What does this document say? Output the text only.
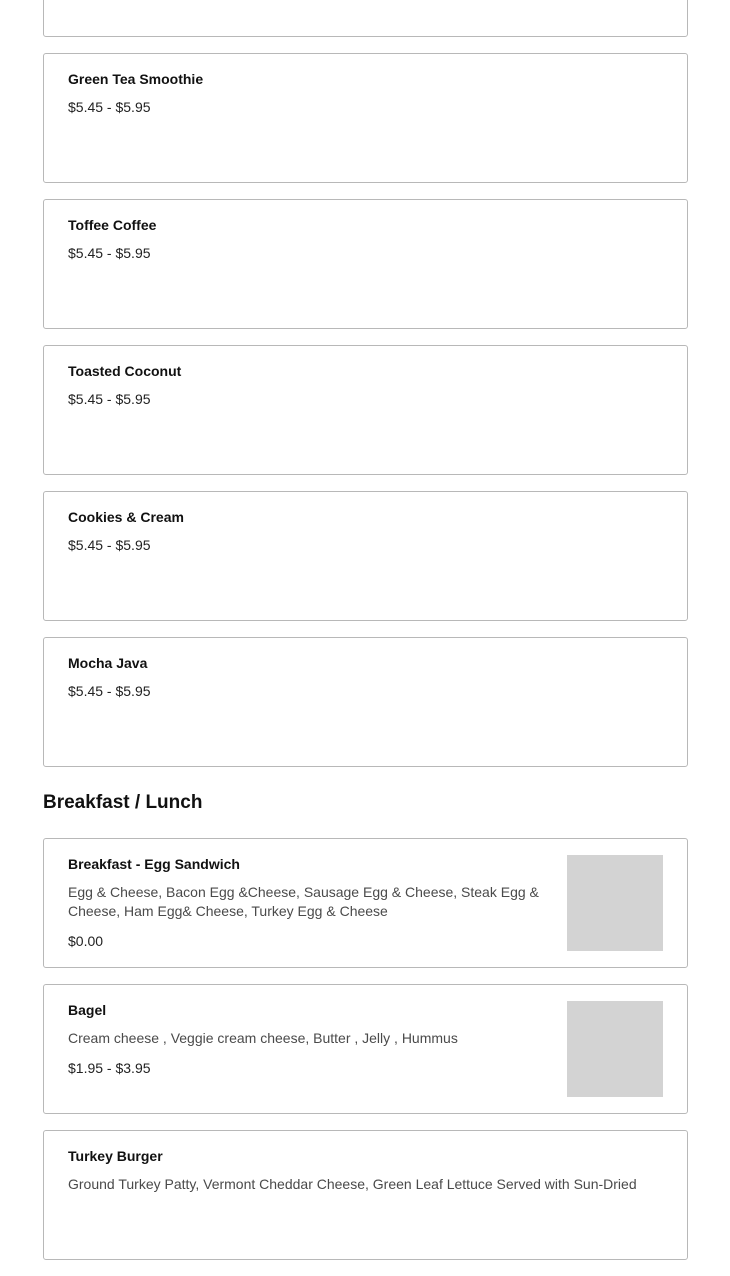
Green Tea Smoothie

$5.45 - $5.95

Toffee Coffee

$5.45 - $5.95

Toasted Coconut

$5.45 - $5.95

Cookies & Cream

$5.45 - $5.95

Mocha Java

$5.45 - $5.95

Breakfast / Lunch

Breakfast - Egg Sandwich

Egg & Cheese, Bacon Egg &Cheese, Sausage Egg & Cheese, Steak Egg & Cheese, Ham Egg& Cheese, Turkey Egg & Cheese

$0.00

Bagel

Cream cheese , Veggie cream cheese, Butter , Jelly , Hummus

$1.95 - $3.95

Turkey Burger

Ground Turkey Patty, Vermont Cheddar Cheese, Green Leaf Lettuce Served with Sun-Dried
